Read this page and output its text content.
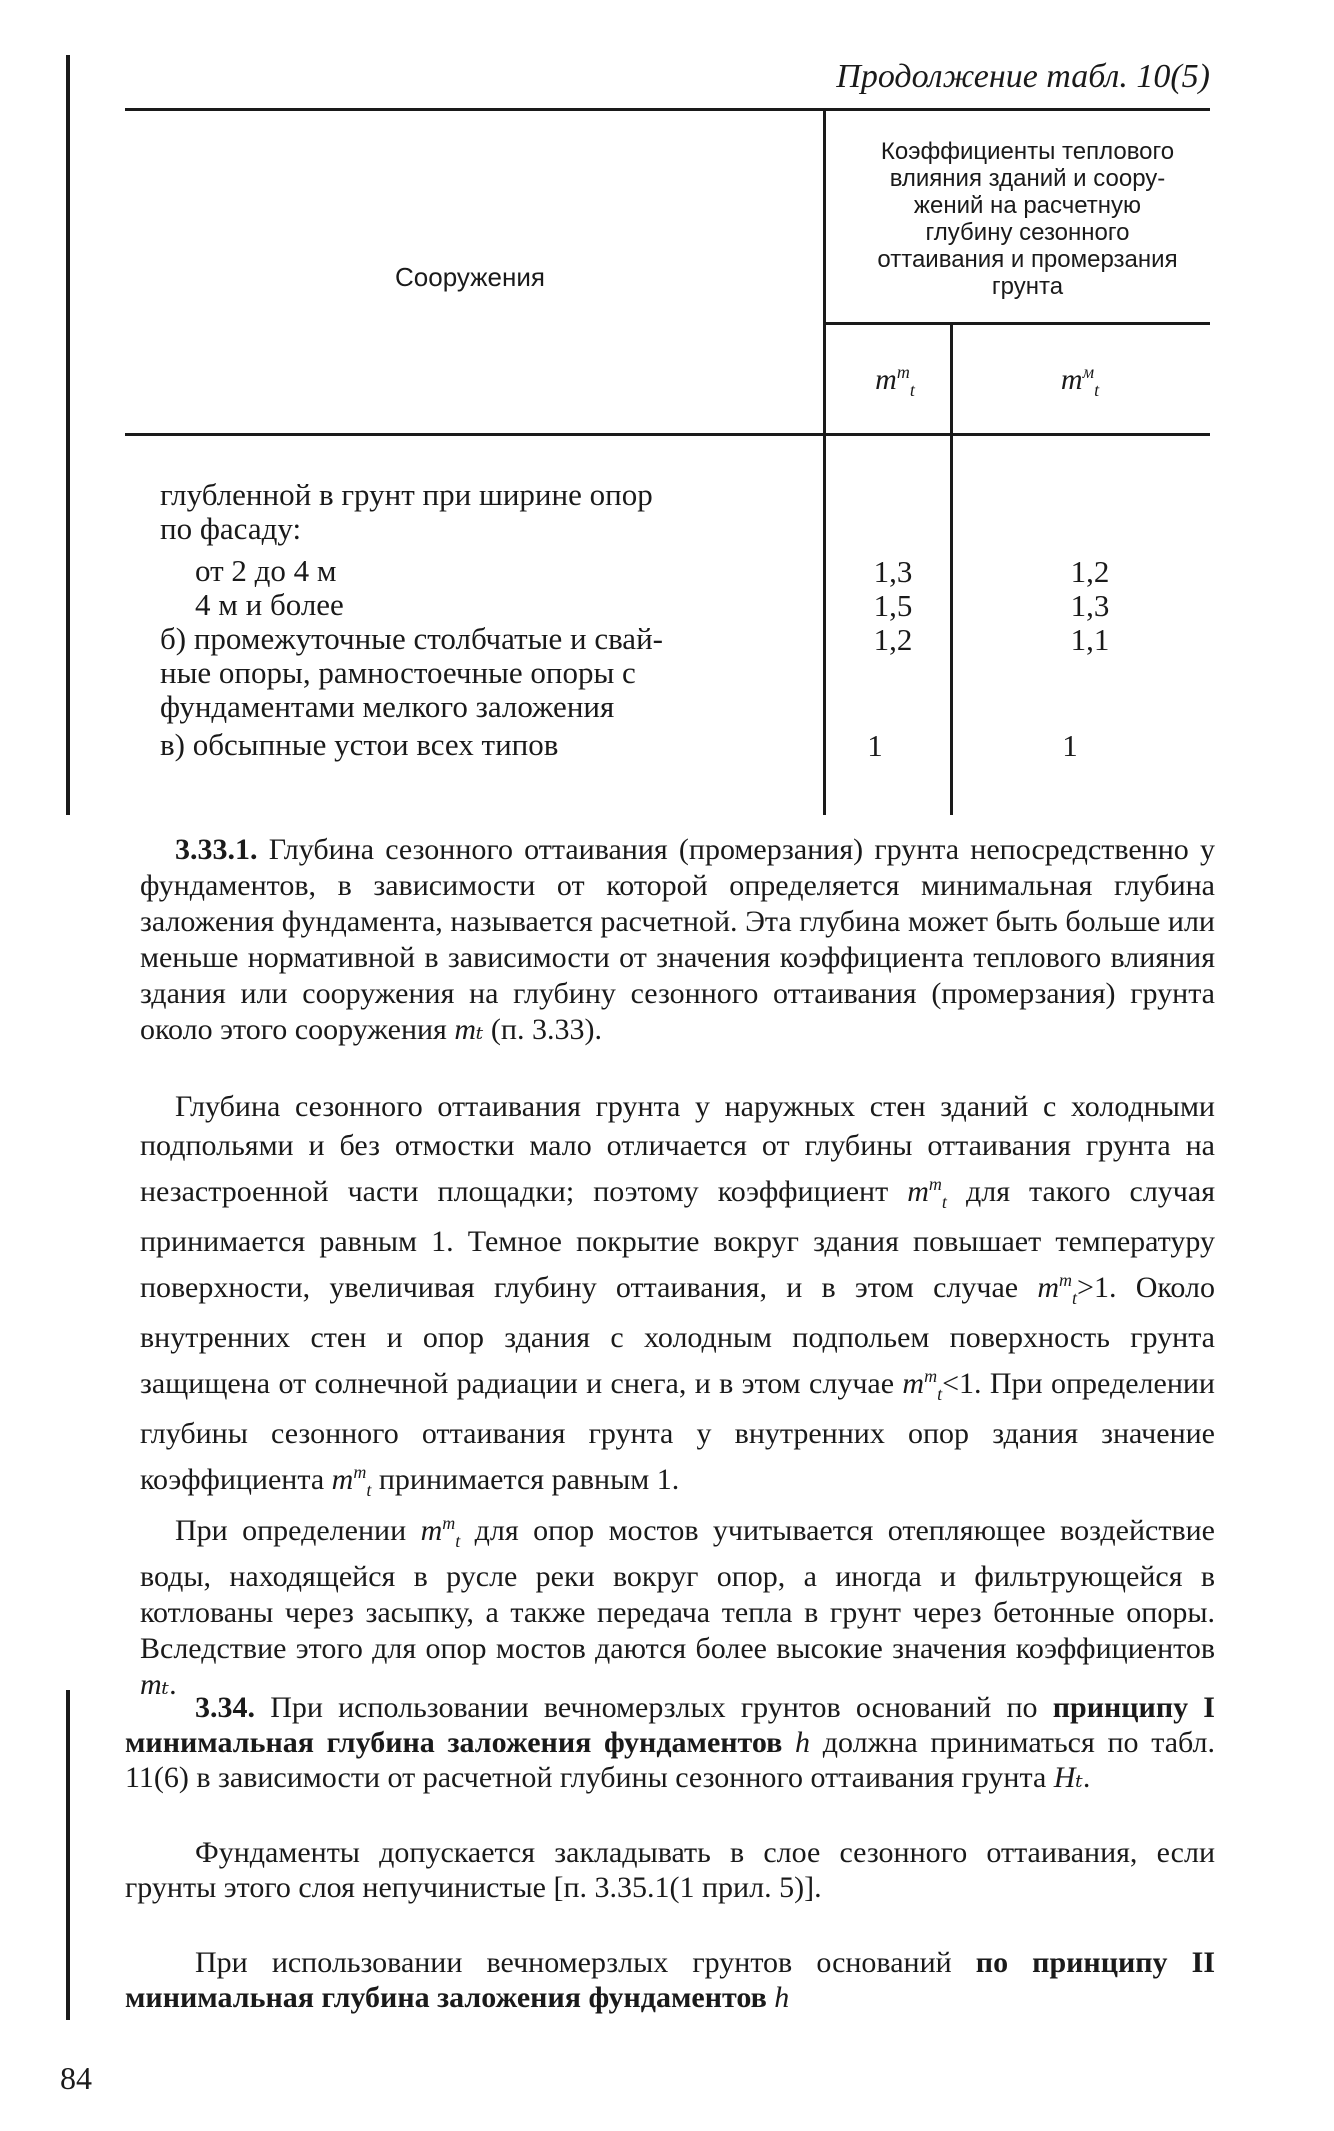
Продолжение табл. 10(5)
Сооружения
Коэффициенты теплового
влияния зданий и соору-
жений на расчетную
глубину сезонного
оттаивания и промерзания
грунта
$m^т_t$	$m^м_t$
глубленной в грунт при ширине опор
по фасаду:
от 2 до 4 м
4 м и более
б) промежуточные столбчатые и свай-
ные опоры, рамностоечные опоры с
фундаментами мелкого заложения
в) обсыпные устои всех типов
1,3
1,5
1,2
1
1,2
1,3
1,1
1

3.33.1. Глубина сезонного оттаивания (промерзания) грунта непосредственно у фундаментов, в зависимости от которой определяется минимальная глубина заложения фундамента, называется расчетной. Эта глубина может быть больше или меньше нормативной в зависимости от значения коэффициента теплового влияния здания или сооружения на глубину сезонного оттаивания (промерзания) грунта около этого сооружения mₜ (п. 3.33).

Глубина сезонного оттаивания грунта у наружных стен зданий с холодными подпольями и без отмостки мало отличается от глубины оттаивания грунта на незастроенной части площадки; поэтому коэффициент $m^т_t$ для такого случая принимается равным 1. Темное покрытие вокруг здания повышает температуру поверхности, увеличивая глубину оттаивания, и в этом случае $m^т_t>1$. Около внутренних стен и опор здания с холодным подпольем поверхность грунта защищена от солнечной радиации и снега, и в этом случае $m^т_t<1$. При определении глубины сезонного оттаивания грунта у внутренних опор здания значение коэффициента $m^т_t$ принимается равным 1.

При определении $m^т_t$ для опор мостов учитывается отепляющее воздействие воды, находящейся в русле реки вокруг опор, а иногда и фильтрующейся в котлованы через засыпку, а также передача тепла в грунт через бетонные опоры. Вследствие этого для опор мостов даются более высокие значения коэффициентов mₜ.

3.34. При использовании вечномерзлых грунтов оснований по принципу I минимальная глубина заложения фундаментов h должна приниматься по табл. 11(6) в зависимости от расчетной глубины сезонного оттаивания грунта Hₜ.

Фундаменты допускается закладывать в слое сезонного оттаивания, если грунты этого слоя непучинистые [п. 3.35.1(1 прил. 5)].

При использовании вечномерзлых грунтов оснований по принципу II минимальная глубина заложения фундаментов h

84
